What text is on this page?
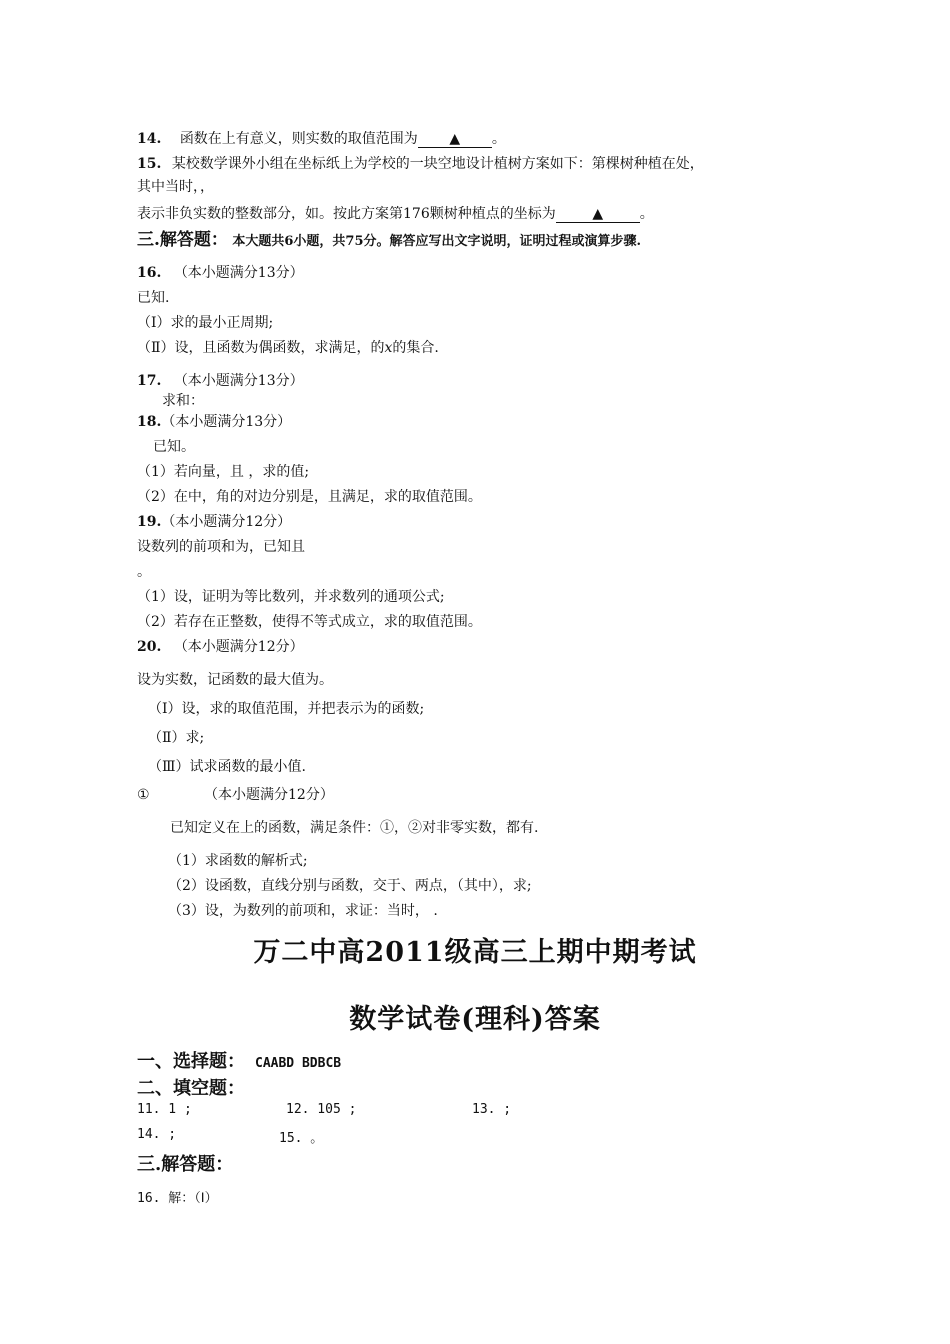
14. 函数在上有意义，则实数的取值范围为 ▲ 。
15. 某校数学课外小组在坐标纸上为学校的一块空地设计植树方案如下：第棵树种植在处，
其中当时，，
表示非负实数的整数部分，如。按此方案第176颗树种植点的坐标为	▲	。
三.解答题： 本大题共6小题，共75分。解答应写出文字说明，证明过程或演算步骤.
16. （本小题满分13分）
已知.
（Ⅰ）求的最小正周期;
（Ⅱ）设，且函数为偶函数，求满足，的x的集合.
17. （本小题满分13分）
求和：
18.（本小题满分13分）
已知。
（1）若向量，且 ，求的值;
（2）在中，角的对边分别是，且满足，求的取值范围。
19.（本小题满分12分）
设数列的前项和为，已知且
。
（1）设，证明为等比数列，并求数列的通项公式;
（2）若存在正整数，使得不等式成立，求的取值范围。
20. （本小题满分12分）
设为实数，记函数的最大值为。
（Ⅰ）设，求的取值范围，并把表示为的函数;
（Ⅱ）求;
（Ⅲ）试求函数的最小值.
①	（本小题满分12分）
已知定义在上的函数，满足条件：①，②对非零实数，都有.
（1）求函数的解析式;
（2）设函数，直线分别与函数，交于、两点，（其中），求;
（3）设，为数列的前项和，求证：当时， .
万二中高2011级高三上期中期考试
数学试卷(理科)答案
一、选择题： CAABD BDBCB
二、填空题：
11. 1 ;	12. 105 ;	13. ;
14. ;	15. 。
三.解答题：
16. 解：（Ⅰ）
